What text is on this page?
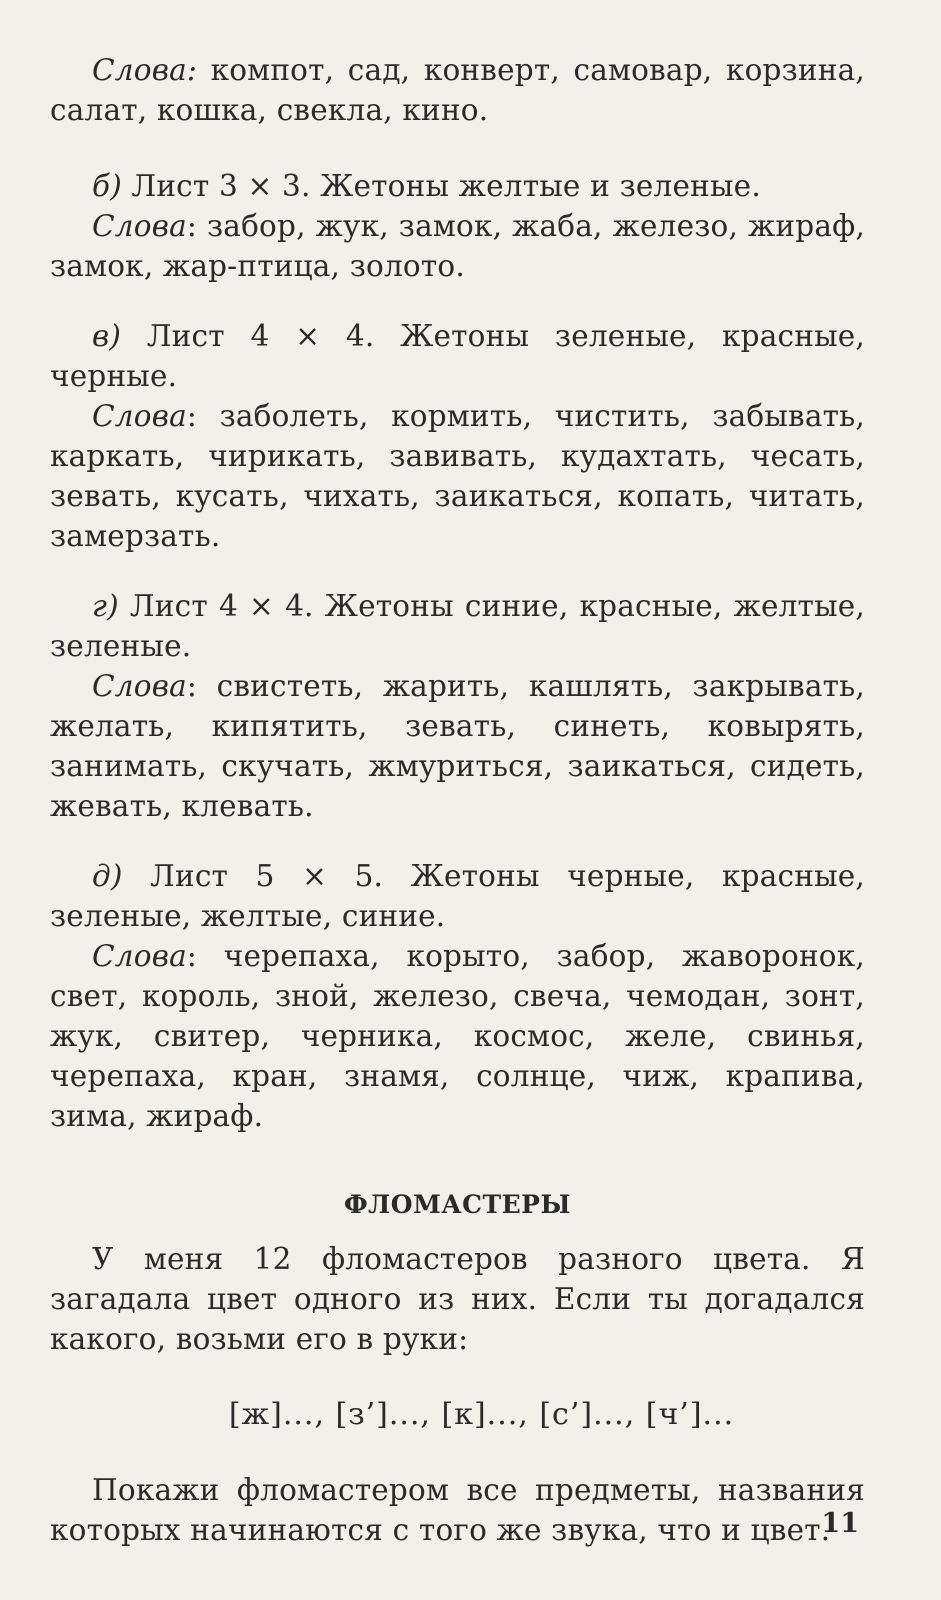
Слова: компот, сад, конверт, самовар, корзина, салат, кошка, свекла, кино.

б) Лист 3 × 3. Жетоны желтые и зеленые.

Слова: забор, жук, замок, жаба, железо, жираф, замок, жар-птица, золото.

в) Лист 4 × 4. Жетоны зеленые, красные, черные.

Слова: заболеть, кормить, чистить, забывать, каркать, чирикать, завивать, кудахтать, чесать, зевать, кусать, чихать, заикаться, копать, читать, замерзать.

г) Лист 4 × 4. Жетоны синие, красные, желтые, зеленые.

Слова: свистеть, жарить, кашлять, закрывать, желать, кипятить, зевать, синеть, ковырять, занимать, скучать, жмуриться, заикаться, сидеть, жевать, клевать.

д) Лист 5 × 5. Жетоны черные, красные, зеленые, желтые, синие.

Слова: черепаха, корыто, забор, жаворонок, свет, король, зной, железо, свеча, чемодан, зонт, жук, свитер, черника, космос, желе, свинья, черепаха, кран, знамя, солнце, чиж, крапива, зима, жираф.

ФЛОМАСТЕРЫ

У меня 12 фломастеров разного цвета. Я загадала цвет одного из них. Если ты догадался какого, возьми его в руки:

[ж]..., [з’]..., [к]..., [с’]..., [ч’]...

Покажи фломастером все предметы, названия которых начинаются с того же звука, что и цвет.

11
